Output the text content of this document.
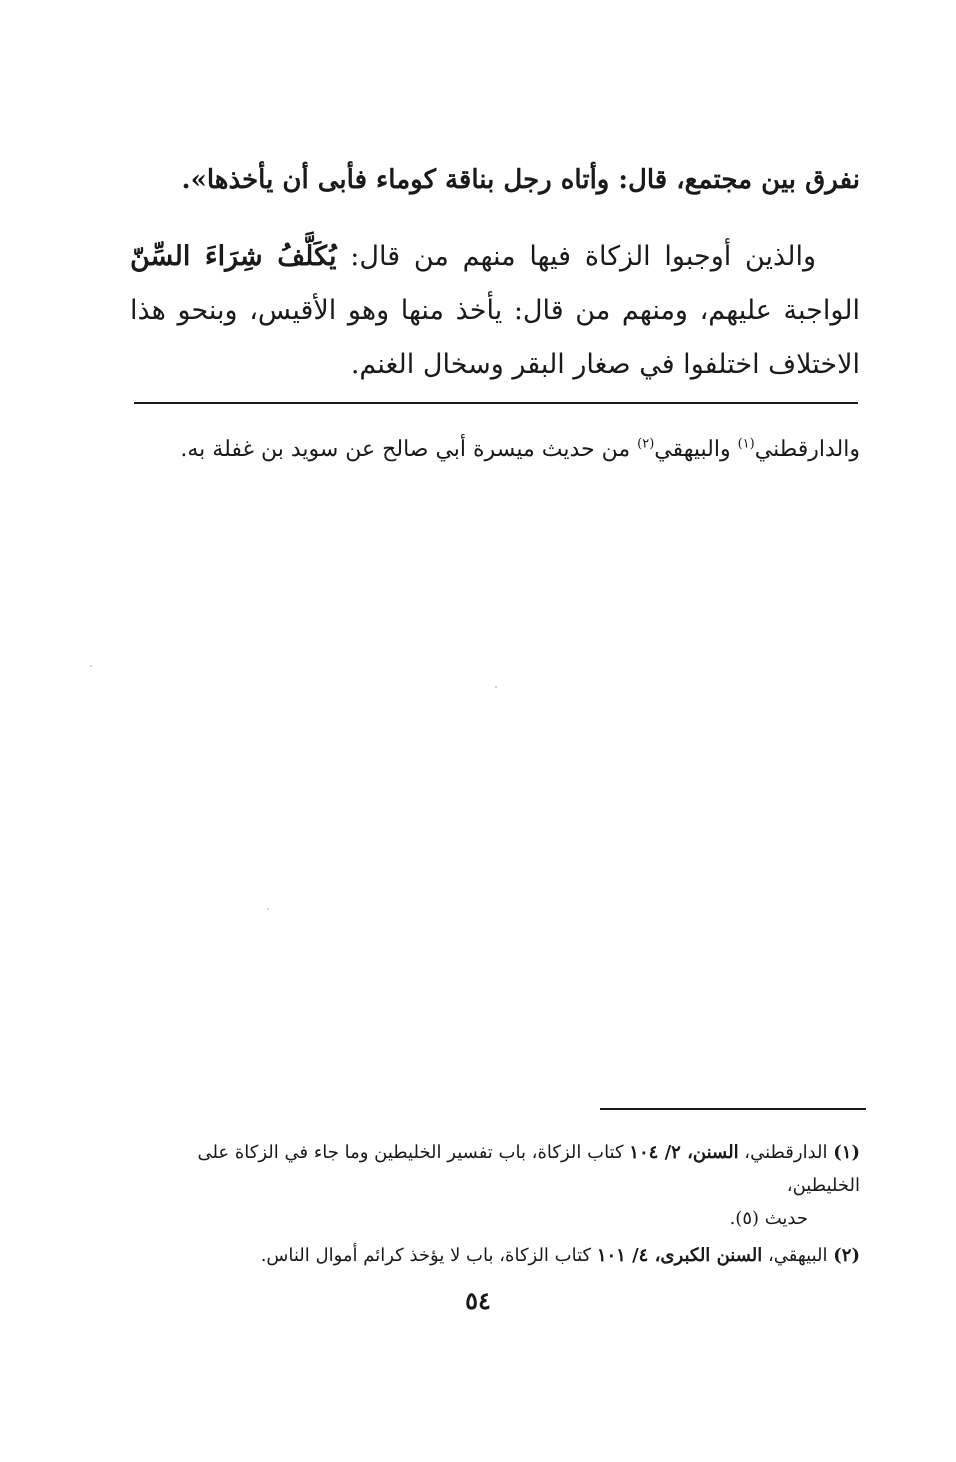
نفرق بين مجتمع، قال: وأتاه رجل بناقة كوماء فأبى أن يأخذها».
والذين أوجبوا الزكاة فيها منهم من قال: يُكَلَّفُ شِرَاءَ السِّنّ الواجبة عليهم، ومنهم من قال: يأخذ منها وهو الأقيس، وبنحو هذا الاختلاف اختلفوا في صغار البقر وسخال الغنم.
والدارقطني$^{(١)}$ والبيهقي$^{(٢)}$ من حديث ميسرة أبي صالح عن سويد بن غفلة به.
(١) الدارقطني، السنن، ٢/ ١٠٤ كتاب الزكاة، باب تفسير الخليطين وما جاء في الزكاة على الخليطين،
حديث (٥).
(٢) البيهقي، السنن الكبرى، ٤/ ١٠١ كتاب الزكاة، باب لا يؤخذ كرائم أموال الناس.
٥٤
